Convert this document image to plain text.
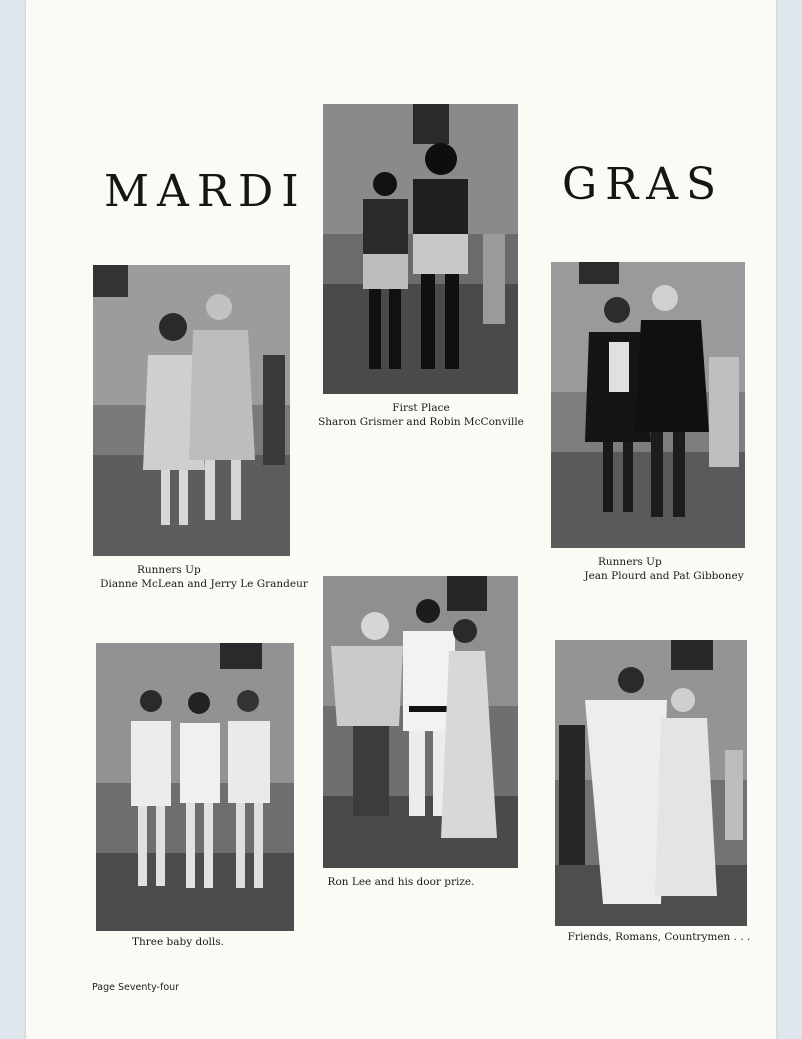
MARDI	GRAS
First Place
Sharon Grismer and Robin McConville
Runners Up
Dianne McLean and Jerry Le Grandeur
Runners Up
Jean Plourd and Pat Gibboney
Three baby dolls.
Ron Lee and his door prize.
Friends, Romans, Countrymen . . .
Page Seventy-four
